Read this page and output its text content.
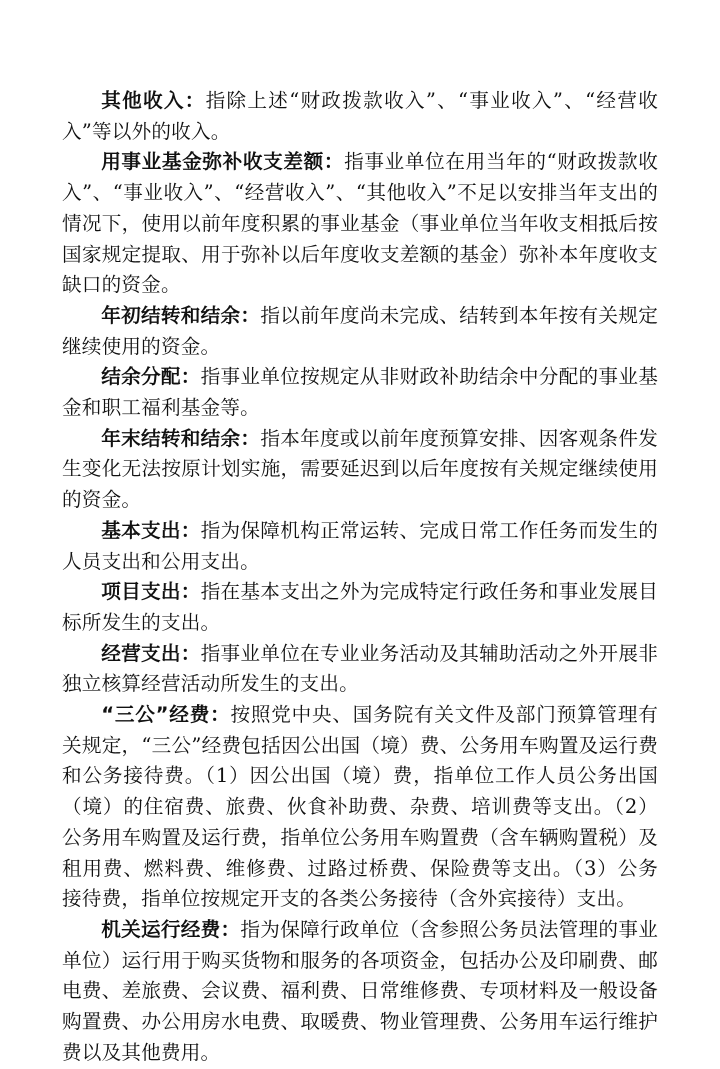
其他收入：指除上述“财政拨款收入”、“事业收入”、“经营收入”等以外的收入。

用事业基金弥补收支差额：指事业单位在用当年的“财政拨款收入”、“事业收入”、“经营收入”、“其他收入”不足以安排当年支出的情况下，使用以前年度积累的事业基金（事业单位当年收支相抵后按国家规定提取、用于弥补以后年度收支差额的基金）弥补本年度收支缺口的资金。

年初结转和结余：指以前年度尚未完成、结转到本年按有关规定继续使用的资金。

结余分配：指事业单位按规定从非财政补助结余中分配的事业基金和职工福利基金等。

年末结转和结余：指本年度或以前年度预算安排、因客观条件发生变化无法按原计划实施，需要延迟到以后年度按有关规定继续使用的资金。

基本支出：指为保障机构正常运转、完成日常工作任务而发生的人员支出和公用支出。

项目支出：指在基本支出之外为完成特定行政任务和事业发展目标所发生的支出。

经营支出：指事业单位在专业业务活动及其辅助活动之外开展非独立核算经营活动所发生的支出。

“三公”经费：按照党中央、国务院有关文件及部门预算管理有关规定，“三公”经费包括因公出国（境）费、公务用车购置及运行费和公务接待费。（1）因公出国（境）费，指单位工作人员公务出国（境）的住宿费、旅费、伙食补助费、杂费、培训费等支出。（2）公务用车购置及运行费，指单位公务用车购置费（含车辆购置税）及租用费、燃料费、维修费、过路过桥费、保险费等支出。（3）公务接待费，指单位按规定开支的各类公务接待（含外宾接待）支出。

机关运行经费：指为保障行政单位（含参照公务员法管理的事业单位）运行用于购买货物和服务的各项资金，包括办公及印刷费、邮电费、差旅费、会议费、福利费、日常维修费、专项材料及一般设备购置费、办公用房水电费、取暖费、物业管理费、公务用车运行维护费以及其他费用。
